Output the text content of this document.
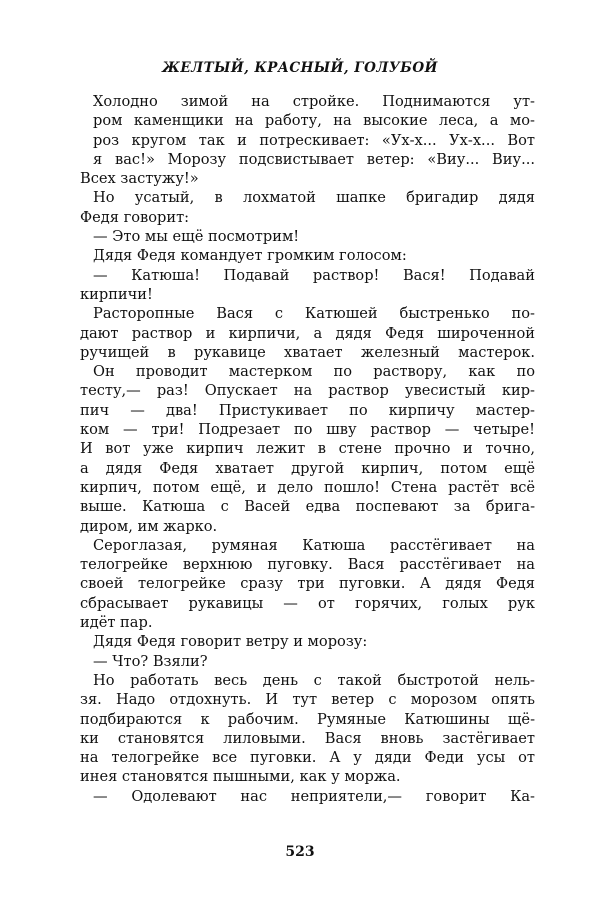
ЖЕЛТЫЙ, КРАСНЫЙ, ГОЛУБОЙ
Холодно зимой на стройке. Поднимаются ут-
ром каменщики на работу, на высокие леса, а мо-
роз кругом так и потрескивает: «Ух-х... Ух-х... Вот
я вас!» Морозу подсвистывает ветер: «Виу... Виу...
Всех застужу!»
Но усатый, в лохматой шапке бригадир дядя
Федя говорит:
— Это мы ещё посмотрим!
Дядя Федя командует громким голосом:
— Катюша! Подавай раствор! Вася! Подавай
кирпичи!
Расторопные Вася с Катюшей быстренько по-
дают раствор и кирпичи, а дядя Федя широченной
ручищей в рукавице хватает железный мастерок.
Он проводит мастерком по раствору, как по
тесту,— раз! Опускает на раствор увесистый кир-
пич — два! Пристукивает по кирпичу мастер-
ком — три! Подрезает по шву раствор — четыре!
И вот уже кирпич лежит в стене прочно и точно,
а дядя Федя хватает другой кирпич, потом ещё
кирпич, потом ещё, и дело пошло! Стена растёт всё
выше. Катюша с Васей едва поспевают за брига-
диром, им жарко.
Сероглазая, румяная Катюша расстёгивает на
телогрейке верхнюю пуговку. Вася расстёгивает на
своей телогрейке сразу три пуговки. А дядя Федя
сбрасывает рукавицы — от горячих, голых рук
идёт пар.
Дядя Федя говорит ветру и морозу:
— Что? Взяли?
Но работать весь день с такой быстротой нель-
зя. Надо отдохнуть. И тут ветер с морозом опять
подбираются к рабочим. Румяные Катюшины щё-
ки становятся лиловыми. Вася вновь застёгивает
на телогрейке все пуговки. А у дяди Феди усы от
инея становятся пышными, как у моржа.
— Одолевают нас неприятели,— говорит Ка-
523
